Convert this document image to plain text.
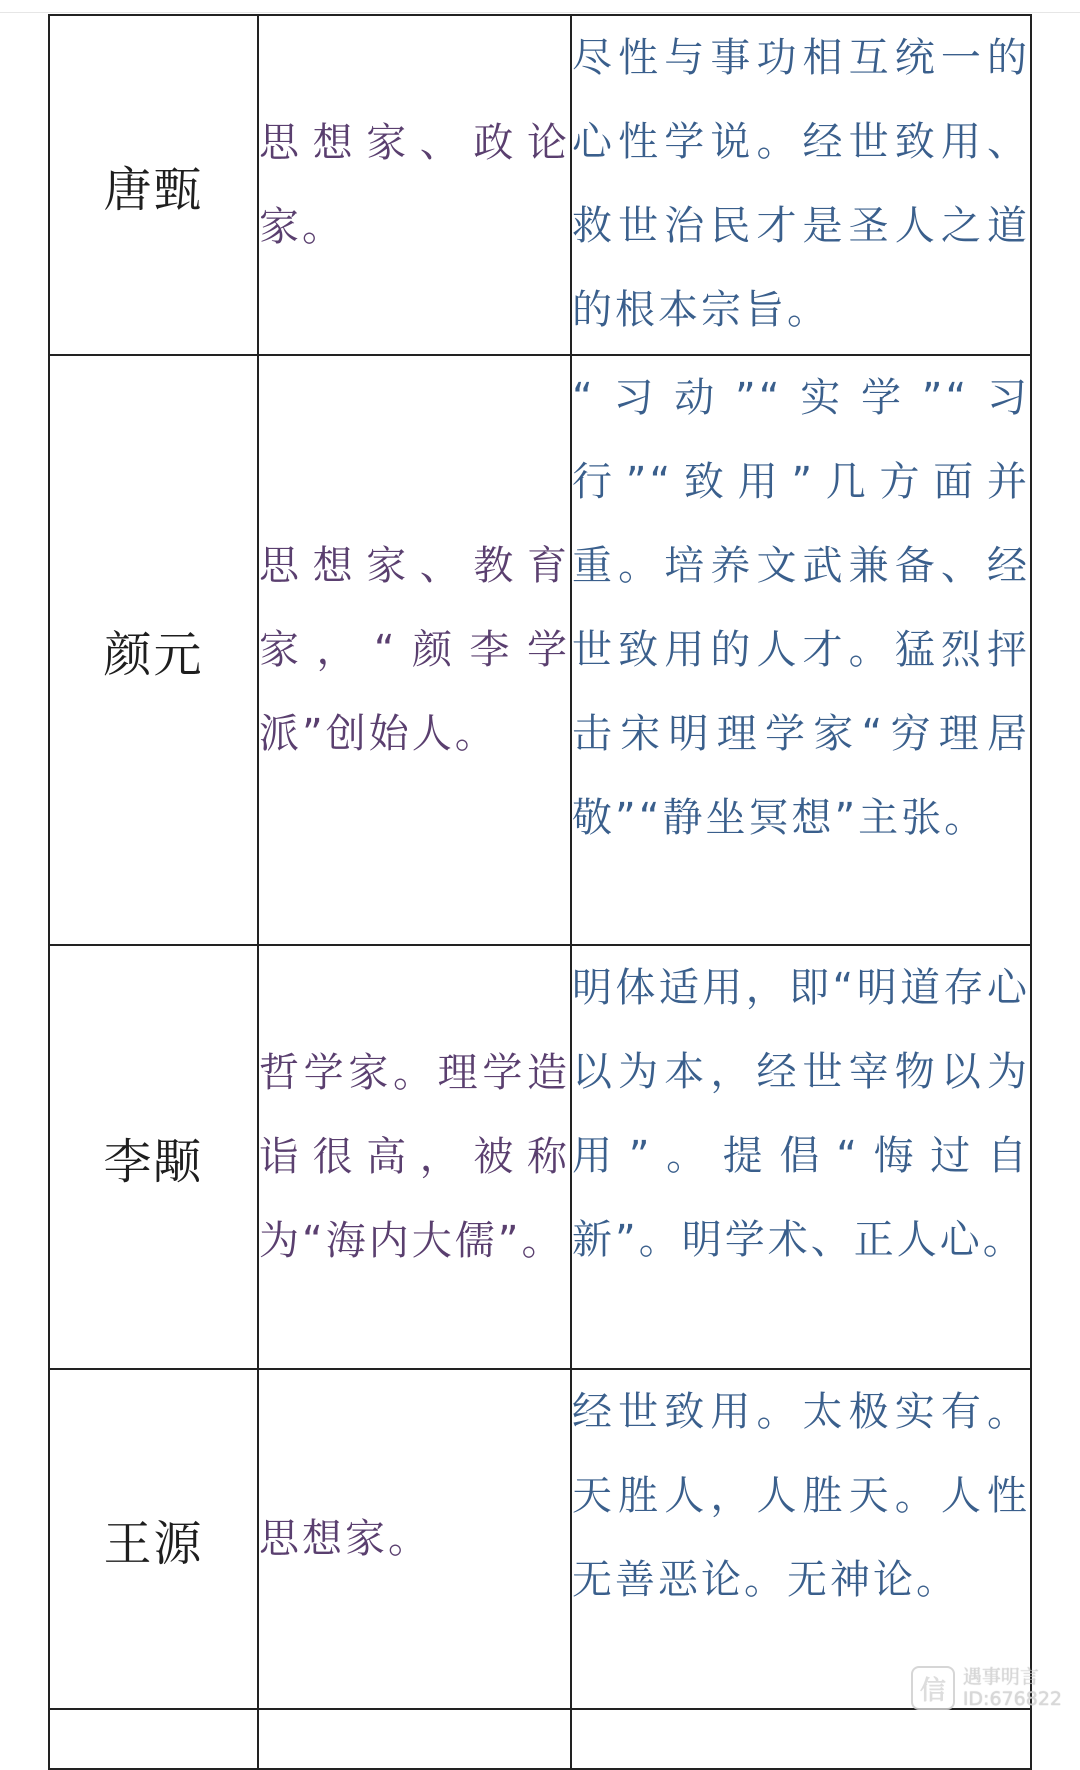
唐甄	思想家、政论家。	尽性与事功相互统一的心性学说。经世致用、救世治民才是圣人之道的根本宗旨。

颜元	思想家、教育家，“颜李学派”创始人。	“习动”“实学”“习行”“致用”几方面并重。培养文武兼备、经世致用的人才。猛烈抨击宋明理学家“穷理居敬”“静坐冥想”主张。

李颙	哲学家。理学造诣很高，被称为“海内大儒”。	明体适用，即“明道存心以为本，经世宰物以为用”。提倡“悔过自新”。明学术、正人心。

王源	思想家。	经世致用。太极实有。天胜人，人胜天。人性无善恶论。无神论。

信 遇事明言
ID:676822
